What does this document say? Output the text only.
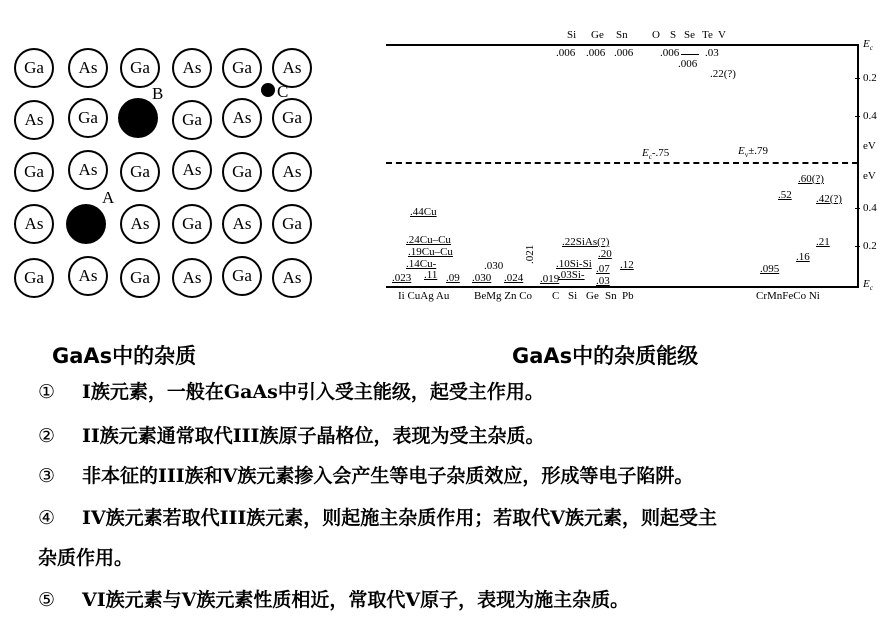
Ga	As	Ga	As	Ga	As
As	Ga
B
Ga	As	Ga
C
Ga	As	Ga	As	Ga	As
As
A
As	Ga	As	Ga
Ga	As	Ga	As	Ga	As
Si Ge Sn O S Se Te V
.006 .006 .006 .006
.006
.03
.22(?)
$E_c$
0.2
0.4
eV
eV
0.4
0.2
$E_c$
$E_c-.75$	$E_v\pm.79$
.60(?)
.52 .42(?)
.21
.16
.095
.44Cu
.24Cu–Cu
.19Cu–Cu
.14Cu-
.023 .11 .09 .030
.030
.024
.021
.019
.22SiAs(?)
.10Si-Si
.03Si-
.20
.07
.03
.12
Ii CuAg Au BeMg Zn Co C Si Ge Sn Pb	CrMnFeCo Ni
GaAs中的杂质	GaAs中的杂质能级
① I族元素，一般在GaAs中引入受主能级，起受主作用。
② II族元素通常取代III族原子晶格位，表现为受主杂质。
③ 非本征的III族和V族元素掺入会产生等电子杂质效应，形成等电子陷阱。
④ IV族元素若取代III族元素，则起施主杂质作用；若取代V族元素，则起受主
杂质作用。
⑤ VI族元素与V族元素性质相近，常取代V原子，表现为施主杂质。
